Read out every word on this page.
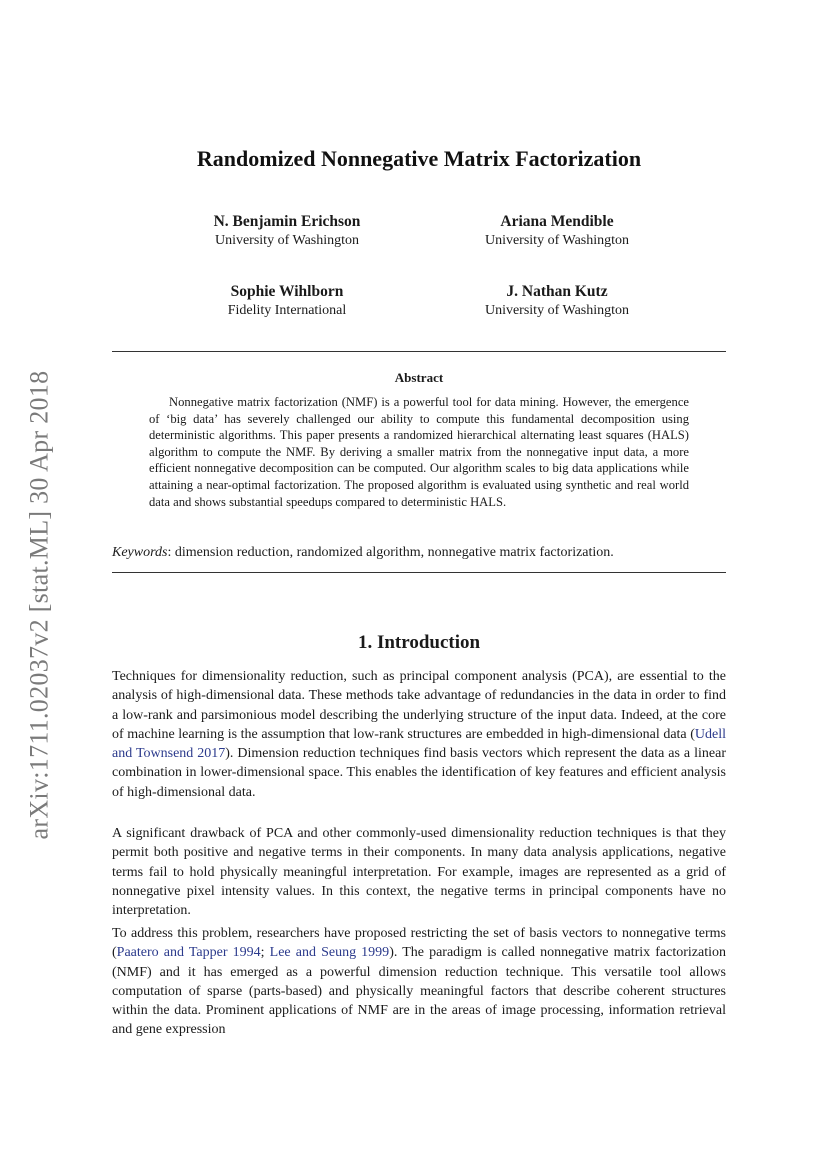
arXiv:1711.02037v2 [stat.ML] 30 Apr 2018
Randomized Nonnegative Matrix Factorization
N. Benjamin Erichson
University of Washington
Ariana Mendible
University of Washington
Sophie Wihlborn
Fidelity International
J. Nathan Kutz
University of Washington
Abstract

Nonnegative matrix factorization (NMF) is a powerful tool for data mining. However, the emergence of ‘big data’ has severely challenged our ability to compute this fundamental decomposition using deterministic algorithms. This paper presents a randomized hierarchical alternating least squares (HALS) algorithm to compute the NMF. By deriving a smaller matrix from the nonnegative input data, a more efficient nonnegative decomposition can be computed. Our algorithm scales to big data applications while attaining a near-optimal factorization. The proposed algorithm is evaluated using synthetic and real world data and shows substantial speedups compared to deterministic HALS.

Keywords: dimension reduction, randomized algorithm, nonnegative matrix factorization.

1. Introduction

Techniques for dimensionality reduction, such as principal component analysis (PCA), are essential to the analysis of high-dimensional data. These methods take advantage of redundancies in the data in order to find a low-rank and parsimonious model describing the underlying structure of the input data. Indeed, at the core of machine learning is the assumption that low-rank structures are embedded in high-dimensional data (Udell and Townsend 2017). Dimension reduction techniques find basis vectors which represent the data as a linear combination in lower-dimensional space. This enables the identification of key features and efficient analysis of high-dimensional data.

A significant drawback of PCA and other commonly-used dimensionality reduction techniques is that they permit both positive and negative terms in their components. In many data analysis applications, negative terms fail to hold physically meaningful interpretation. For example, images are represented as a grid of nonnegative pixel intensity values. In this context, the negative terms in principal components have no interpretation.

To address this problem, researchers have proposed restricting the set of basis vectors to nonnegative terms (Paatero and Tapper 1994; Lee and Seung 1999). The paradigm is called nonnegative matrix factorization (NMF) and it has emerged as a powerful dimension reduction technique. This versatile tool allows computation of sparse (parts-based) and physically meaningful factors that describe coherent structures within the data. Prominent applications of NMF are in the areas of image processing, information retrieval and gene expression
